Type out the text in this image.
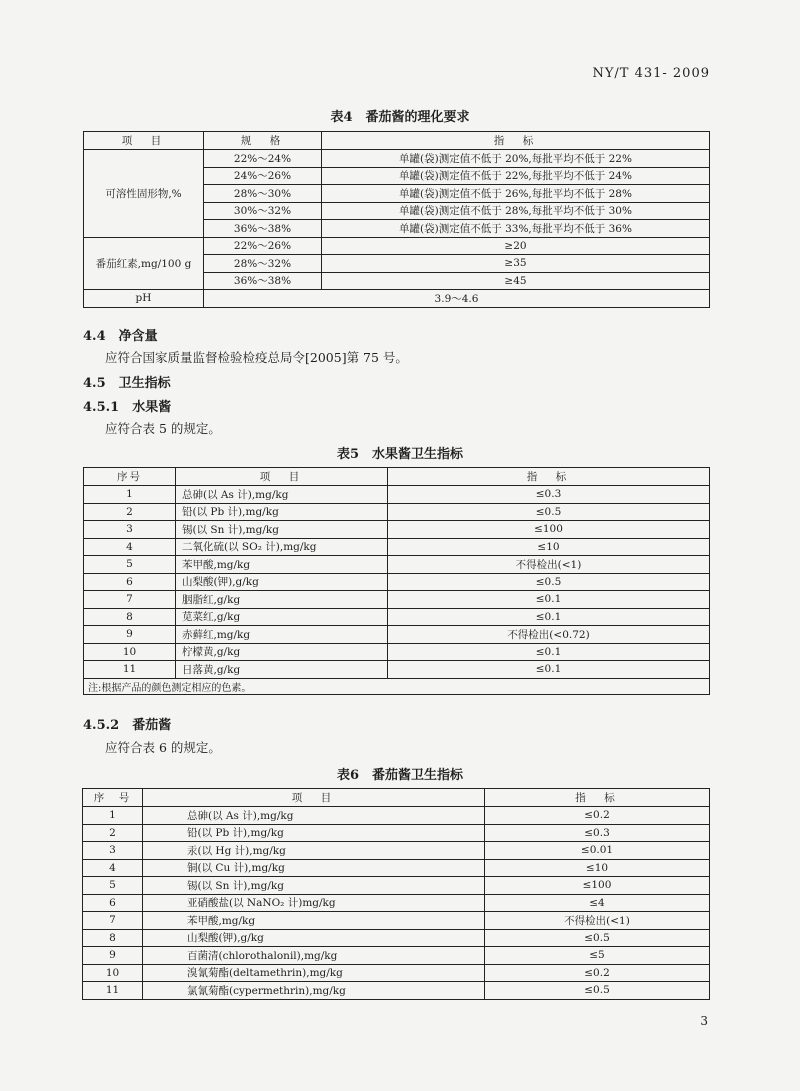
NY/T 431- 2009
表4　番茄酱的理化要求
项　目	规　格	指　标
可溶性固形物,%	22%～24%	单罐(袋)测定值不低于 20%,每批平均不低于 22%
	24%～26%	单罐(袋)测定值不低于 22%,每批平均不低于 24%
	28%～30%	单罐(袋)测定值不低于 26%,每批平均不低于 28%
	30%～32%	单罐(袋)测定值不低于 28%,每批平均不低于 30%
	36%～38%	单罐(袋)测定值不低于 33%,每批平均不低于 36%
番茄红素,mg/100 g	22%～26%	≥20
	28%～32%	≥35
	36%～38%	≥45
pH	3.9～4.6	
4.4　净含量
应符合国家质量监督检验检疫总局令[2005]第 75 号。
4.5　卫生指标
4.5.1　水果酱
应符合表 5 的规定。
表5　水果酱卫生指标
序号	项　目	指　标
1	总砷(以 As 计),mg/kg	≤0.3
2	铅(以 Pb 计),mg/kg	≤0.5
3	锡(以 Sn 计),mg/kg	≤100
4	二氧化硫(以 SO₂ 计),mg/kg	≤10
5	苯甲酸,mg/kg	不得检出(<1)
6	山梨酸(钾),g/kg	≤0.5
7	胭脂红,g/kg	≤0.1
8	苋菜红,g/kg	≤0.1
9	赤藓红,mg/kg	不得检出(<0.72)
10	柠檬黄,g/kg	≤0.1
11	日落黄,g/kg	≤0.1
注:根据产品的颜色测定相应的色素。		
4.5.2　番茄酱
应符合表 6 的规定。
表6　番茄酱卫生指标
序　号	项　目	指　标
1	总砷(以 As 计),mg/kg	≤0.2
2	铅(以 Pb 计),mg/kg	≤0.3
3	汞(以 Hg 计),mg/kg	≤0.01
4	铜(以 Cu 计),mg/kg	≤10
5	锡(以 Sn 计),mg/kg	≤100
6	亚硝酸盐(以 NaNO₂ 计)mg/kg	≤4
7	苯甲酸,mg/kg	不得检出(<1)
8	山梨酸(钾),g/kg	≤0.5
9	百菌清(chlorothalonil),mg/kg	≤5
10	溴氰菊酯(deltamethrin),mg/kg	≤0.2
11	氯氰菊酯(cypermethrin),mg/kg	≤0.5
3
